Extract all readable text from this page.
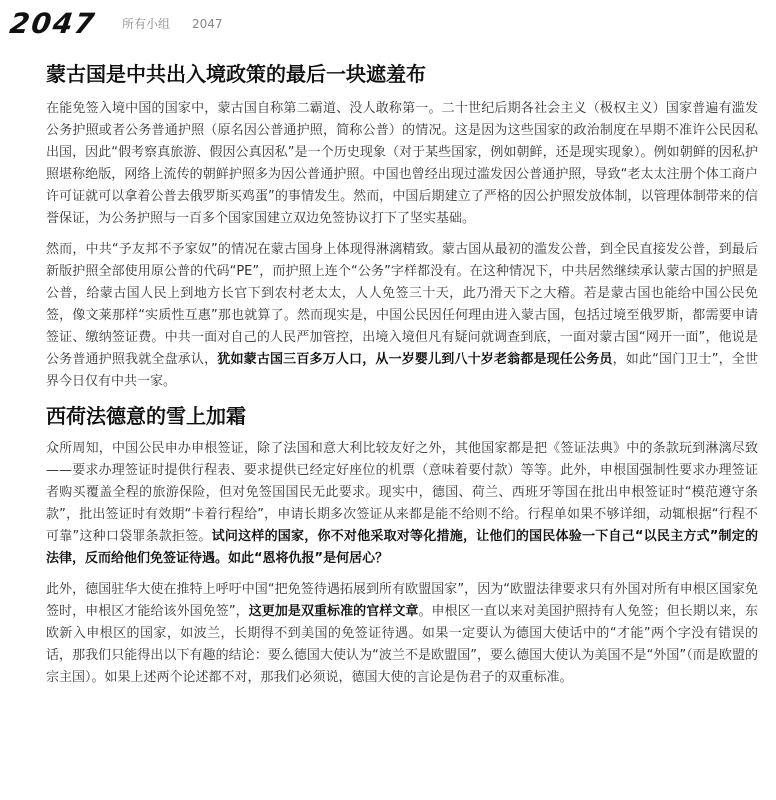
2047 所有小组 2047
蒙古国是中共出入境政策的最后一块遮羞布

在能免签入境中国的国家中，蒙古国自称第二霸道、没人敢称第一。二十世纪后期各社会主义（极权主义）国家普遍有滥发公务护照或者公务普通护照（原名因公普通护照，简称公普）的情况。这是因为这些国家的政治制度在早期不准许公民因私出国，因此“假考察真旅游、假因公真因私”是一个历史现象（对于某些国家，例如朝鲜，还是现实现象）。例如朝鲜的因私护照堪称绝版，网络上流传的朝鲜护照多为因公普通护照。中国也曾经出现过滥发因公普通护照，导致“老太太注册个体工商户许可证就可以拿着公普去俄罗斯买鸡蛋”的事情发生。然而，中国后期建立了严格的因公护照发放体制，以管理体制带来的信誉保证，为公务护照与一百多个国家国建立双边免签协议打下了坚实基础。

然而，中共“予友邦不予家奴”的情况在蒙古国身上体现得淋漓精致。蒙古国从最初的滥发公普，到全民直接发公普，到最后新版护照全部使用原公普的代码“PE”，而护照上连个“公务”字样都没有。在这种情况下，中共居然继续承认蒙古国的护照是公普，给蒙古国人民上到地方长官下到农村老太太，人人免签三十天，此乃滑天下之大稽。若是蒙古国也能给中国公民免签，像文莱那样“实质性互惠”那也就算了。然而现实是，中国公民因任何理由进入蒙古国，包括过境至俄罗斯，都需要申请签证、缴纳签证费。中共一面对自己的人民严加管控，出境入境但凡有疑问就调查到底，一面对蒙古国“网开一面”，他说是公务普通护照我就全盘承认，犹如蒙古国三百多万人口，从一岁婴儿到八十岁老翁都是现任公务员，如此“国门卫士”，全世界今日仅有中共一家。

西荷法德意的雪上加霜

众所周知，中国公民申办申根签证，除了法国和意大利比较友好之外，其他国家都是把《签证法典》中的条款玩到淋漓尽致——要求办理签证时提供行程表、要求提供已经定好座位的机票（意味着要付款）等等。此外，申根国强制性要求办理签证者购买覆盖全程的旅游保险，但对免签国国民无此要求。现实中，德国、荷兰、西班牙等国在批出申根签证时“模范遵守条款”，批出签证时有效期“卡着行程给”，申请长期多次签证从来都是能不给则不给。行程单如果不够详细，动辄根据“行程不可靠”这种口袋罪条款拒签。试问这样的国家，你不对他采取对等化措施，让他们的国民体验一下自己“以民主方式”制定的法律，反而给他们免签证待遇。如此“恩将仇报”是何居心？

此外，德国驻华大使在推特上呼吁中国“把免签待遇拓展到所有欧盟国家”，因为“欧盟法律要求只有外国对所有申根区国家免签时，申根区才能给该外国免签”，这更加是双重标准的官样文章。申根区一直以来对美国护照持有人免签；但长期以来，东欧新入申根区的国家，如波兰，长期得不到美国的免签证待遇。如果一定要认为德国大使话中的“才能”两个字没有错误的话，那我们只能得出以下有趣的结论：要么德国大使认为“波兰不是欧盟国”，要么德国大使认为美国不是“外国”（而是欧盟的宗主国）。如果上述两个论述都不对，那我们必须说，德国大使的言论是伪君子的双重标准。
